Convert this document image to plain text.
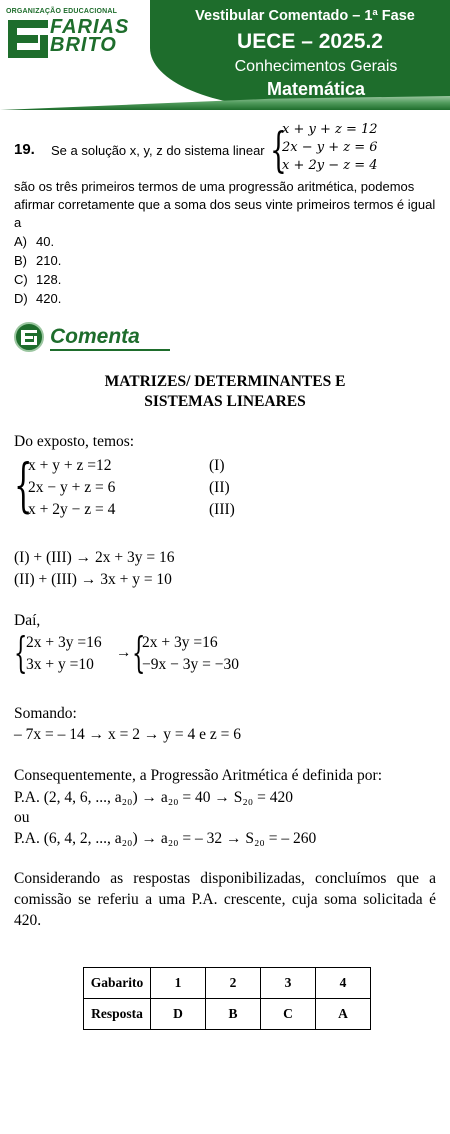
ORGANIZAÇÃO EDUCACIONAL
FARIAS
BRITO
Vestibular Comentado – 1ª Fase
UECE – 2025.2
Conhecimentos Gerais
Matemática
19. Se a solução x, y, z do sistema linear {
x + y + z = 12
2x − y + z = 6
x + 2y − z = 4
são os três primeiros termos de uma progressão aritmética, podemos afirmar corretamente que a soma dos seus vinte primeiros termos é igual a
A) 40.
B) 210.
C) 128.
D) 420.
Comenta
MATRIZES/ DETERMINANTES E
SISTEMAS LINEARES
Do exposto, temos:
{
x + y + z =12	(I)
2x − y + z = 6	(II)
x + 2y − z = 4	(III)
(I) + (III) → 2x + 3y = 16
(II) + (III) → 3x + y = 10
Daí,
{
2x + 3y =16
3x + y =10
→ {
2x + 3y =16
−9x − 3y = −30
Somando:
– 7x = – 14 → x = 2 → y = 4 e z = 6
Consequentemente, a Progressão Aritmética é definida por:
P.A. (2, 4, 6, ..., a₂₀) → a₂₀ = 40 → S₂₀ = 420
ou
P.A. (6, 4, 2, ..., a₂₀) → a₂₀ = – 32 → S₂₀ = – 260
Considerando as respostas disponibilizadas, concluímos que a comissão se referiu a uma P.A. crescente, cuja soma solicitada é 420.
Gabarito	1	2	3	4
Resposta	D	B	C	A
